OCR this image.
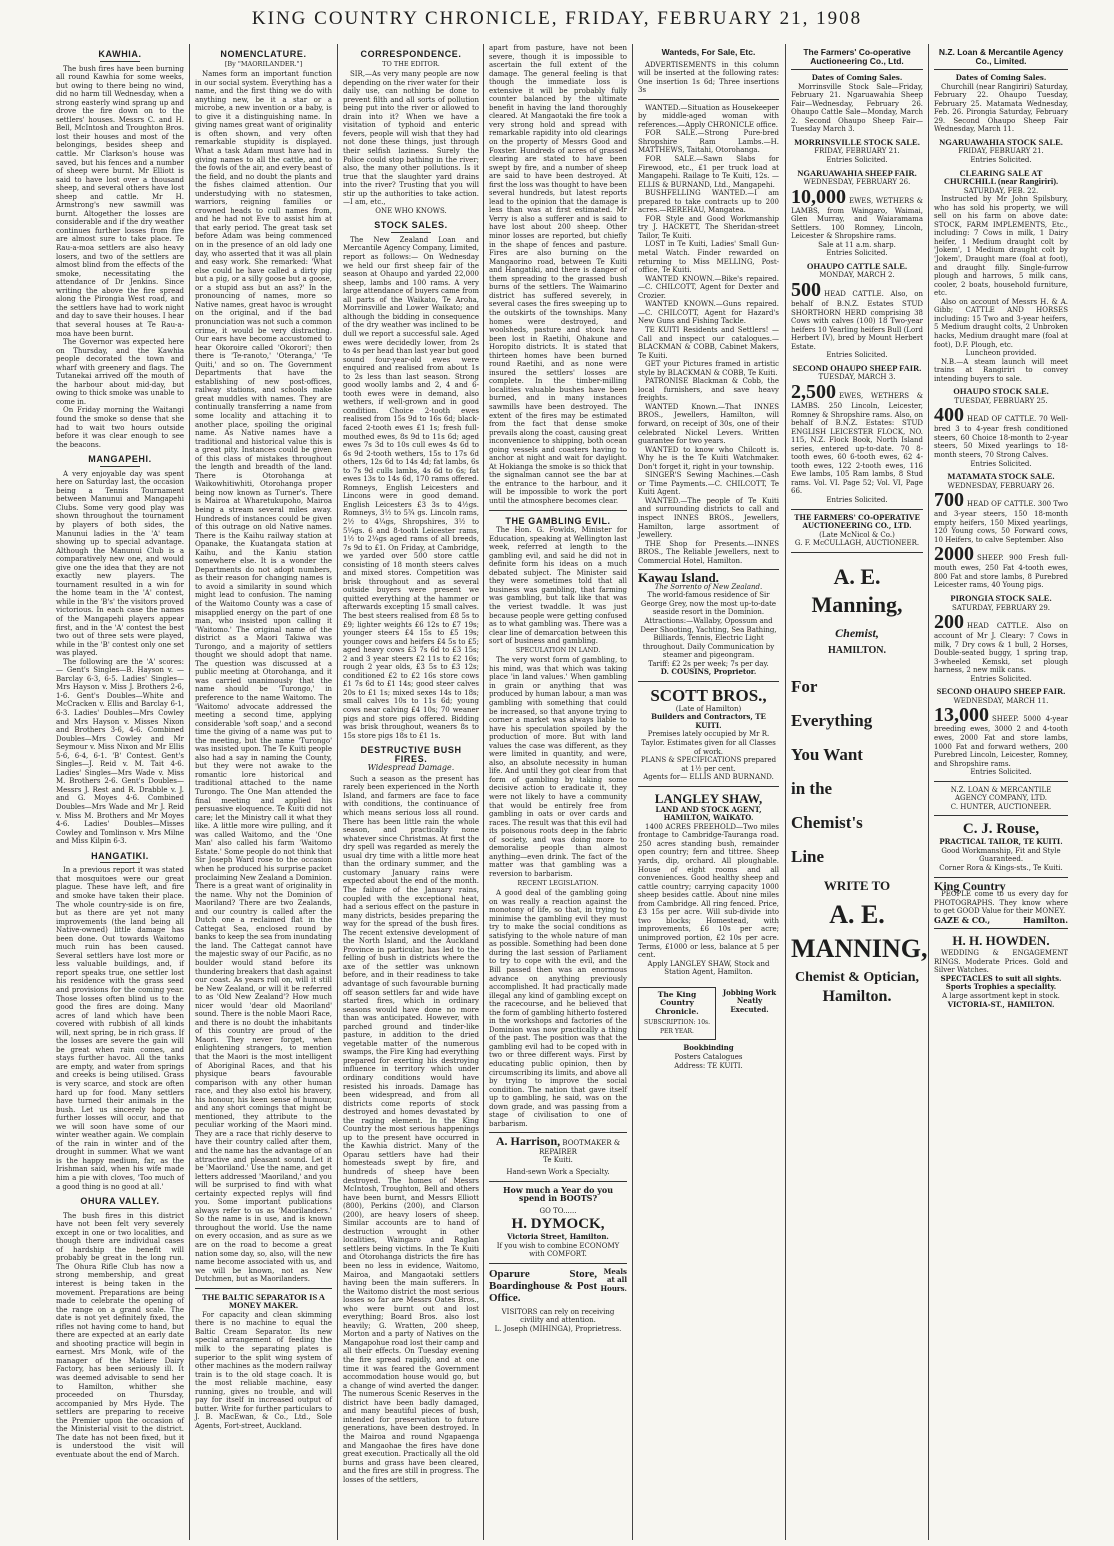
KING COUNTRY CHRONICLE, FRIDAY, FEBRUARY 21, 1908
KAWHIA.

The bush fires have been burning all round Kawhia for some weeks, but owing to there being no wind, did no harm till Wednesday, when a strong easterly wind sprang up and drove the fire down on to the settlers' houses. Messrs C. and H. Bell, McIntosh and Troughton Bros. lost their houses and most of the belongings, besides sheep and cattle. Mr Clarkson's house was saved, but his fences and a number of sheep were burnt. Mr Elliott is said to have lost over a thousand sheep, and several others have lost sheep and cattle. Mr H. Armstrong's new sawmill was burnt. Altogether the losses are considerable and if the dry weather continues further losses from fire are almost sure to take place. Te Rau-a-moa settlers are also heavy losers, and two of the settlers are almost blind from the effects of the smoke, necessitating the attendance of Dr Jenkins. Since writing the above the fire spread along the Pirongia West road, and the settlers have had to work night and day to save their houses. I hear that several houses at Te Rau-a-moa have been burnt.

The Governor was expected here on Thursday, and the Kawhia people decorated the town and wharf with greenery and flags. The Tutanekai arrived off the mouth of the harbour about mid-day, but owing to thick smoke was unable to come in.

On Friday morning the Waitangi found the smoke so dense that she had to wait two hours outside before it was clear enough to see the beacons.

MANGAPEHI.

A very enjoyable day was spent here on Saturday last, the occasion being a Tennis Tournament between Manunui and Mangapehi Clubs. Some very good play was shown throughout the tournament by players of both sides, the Manunui ladies in the 'A' team showing up to special advantage. Although the Manunui Club is a comparatively new one, and would give one the idea that they are not exactly new players. The tournament resulted in a win for the home team in the 'A' contest, while in the 'B's' the visitors proved victorious. In each case the names of the Mangapehi players appear first, and in the 'A' contest the best two out of three sets were played, while in the 'B' contest only one set was played.

The following are the 'A' scores:— Gent's Singles—B. Hayson v. — Barclay 6-3, 6-5. Ladies' Singles—Mrs Hayson v. Miss J. Brothers 2-6, 1-6. Gent's Doubles—White and McCracken v. Ellis and Barclay 6-1, 6-3. Ladies' Doubles—Mrs Cowley and Mrs Hayson v. Misses Nixon and Brothers 3-6, 4-6. Combined Doubles—Mrs Cowley and Mr Seymour v. Miss Nixon and Mr Ellis 5-6, 6-4, 6-1. 'B' Contest. Gent's Singles—J. Reid v. M. Tait 4-6. Ladies' Singles—Mrs Wade v. Miss M. Brothers 2-6. Gent's Doubles—Messrs J. Rest and R. Drabble v. J. and G. Moyes 4-6. Combined Doubles—Mrs Wade and Mr J. Reid v. Miss M. Brothers and Mr Moyes 4-6. Ladies' Doubles—Misses Cowley and Tomlinson v. Mrs Milne and Miss Kilpin 6-3.

HANGATIKI.

In a previous report it was stated that mosquitoes were our great plague. These have left, and fire and smoke have taken their place. The whole country-side is on fire, but as there are yet not many improvements (the land being all Native-owned) little damage has been done. Out towards Waitomo much ruin has been caused. Several settlers have lost more or less valuable buildings, and, if report speaks true, one settler lost his residence with the grass seed and provisions for the coming year. Those losses often blind us to the good the fires are doing. Many acres of land which have been covered with rubbish of all kinds will, next spring, be in rich grass. If the losses are severe the gain will be great when rain comes, and stays further havoc. All the tanks are empty, and water from springs and creeks is being utilised. Grass is very scarce, and stock are often hard up for food. Many settlers have turned their animals in the bush. Let us sincerely hope no further losses will occur, and that we will soon have some of our winter weather again. We complain of the rain in winter and of the drought in summer. What we want is the happy medium, far, as the Irishman said, when his wife made him a pie with cloves, 'Too much of a good thing is no good at all.'

OHURA VALLEY.

The bush fires in this district have not been felt very severely except in one or two localities, and though there are individual cases of hardship the benefit will probably be great in the long run. The Ohura Rifle Club has now a strong membership, and great interest is being taken in the movement. Preparations are being made to celebrate the opening of the range on a grand scale. The date is not yet definitely fixed, the rifles not having come to hand, but there are expected at an early date and shooting practice will begin in earnest. Mrs Monk, wife of the manager of the Matiere Dairy Factory, has been seriously ill. It was deemed advisable to send her to Hamilton, whither she proceeded on Thursday, accompanied by Mrs Hyde. The settlers are preparing to receive the Premier upon the occasion of the Ministerial visit to the district. The date has not been fixed, but it is understood the visit will eventuate about the end of March.

NOMENCLATURE.
[By "MAORILANDER."]

Names form an important function in our social system. Everything has a name, and the first thing we do with anything new, be it a star or a microbe, a new invention or a baby, is to give it a distinguishing name. In giving names great want of originality is often shown, and very often remarkable stupidity is displayed. What a task Adam must have had in giving names to all the cattle, and to the fowls of the air, and every beast of the field, and no doubt the plants and the fishes claimed attention. Our understudying with no statesmen, warriors, reigning families or crowned heads to cull names from, and he had not Eve to assist him at that early period. The great task set before Adam was being commenced on in the presence of an old lady one day, who asserted that it was all plain and easy work. She remarked: 'What else could he have called a dirty pig but a pig, or a silly goose but a goose, or a stupid ass but an ass?' In the pronouncing of names, more so Native names, great havoc is wrought on the original, and if the bad pronunciation was not such a common crime, it would be very distracting. Our ears have become accustomed to hear Okoroire called 'Okorori'; then there is 'Te-ranoto,' 'Oteranga,' 'Te Quiti,' and so on. The Government Departments that have the establishing of new post-offices, railway stations, and schools make great muddles with names. They are continually transferring a name from some locality and attaching it to another place, spoiling the original name. As Native names have a traditional and historical value this is a great pity. Instances could be given of this class of mistakes throughout the length and breadth of the land. There is Otorohanga at Waikowhitiwhiti, Otorohanga proper being now known as Turner's. There is Mairoa at Wharetukupoho, Mairoa being a stream several miles away. Hundreds of instances could be given of this outrage on old Native names. There is the Kaihu railway station at Opanake, the Kuatangata station at Kaihu, and the Kaniu station somewhere else. It is a wonder the Departments do not adopt numbers, as their reason for changing names is to avoid a similarity in sound which might lead to confusion. The naming of the Waitomo County was a case of misapplied energy on the part of one man, who insisted upon calling it 'Waitomo.' The original name of the district as a Maori Takiwa was Turongo, and a majority of settlers thought we should adopt that name. The question was discussed at a public meeting at Otorohanga, and it was carried unanimously that the name should be 'Turongo,' in preference to the name Waitomo. The 'Waitomo' advocate addressed the meeting a second time, applying considerable 'soft soap,' and a second time the giving of a name was put to the meeting, but the name 'Turongo' was insisted upon. The Te Kuiti people also had a say in naming the County, but they were not awake to the romantic lore historical and traditional attached to the name Turongo. The One Man attended the final meeting and applied his persuasive eloquence. Te Kuiti did not care; let the Ministry call it what they like. A little more wire pulling, and it was called Waitomo, and the 'One Man' also called his farm 'Waitomo Estate.' Some people do not think that Sir Joseph Ward rose to the occasion when he produced his surprise packet proclaiming New Zealand a Dominion. There is a great want of originality in the name. Why not the Dominion of Maoriland? There are two Zealands, and our country is called after the Dutch one a reclaimed flat in the Cattegat Sea, enclosed round by banks to keep the sea from inundating the land. The Cattegat cannot have the majestic sway of our Pacific, as no boulder would stand before its thundering breakers that dash against our coast. As years roll on, will it still be New Zealand, or will it be referred to as 'Old New Zealand'? How much nicer would 'dear old Maoriland' sound. There is the noble Maori Race, and there is no doubt the inhabitants of this country are proud of the Maori. They never forget, when enlightening strangers, to mention that the Maori is the most intelligent of Aboriginal Races, and that his physique bears favourable comparison with any other human race, and they also extol his bravery, his honour, his keen sense of humour, and any short comings that might be mentioned, they attribute to the peculiar working of the Maori mind. They are a race that richly deserve to have their country called after them, and the name has the advantage of an attractive and pleasant sound. Let it be 'Maoriland.' Use the name, and get letters addressed 'Maoriland,' and you will be surprised to find with what certainty expected replys will find you. Some important publications always refer to us as 'Maorilanders.' So the name is in use, and is known throughout the world. Use the name on every occasion, and as sure as we are on the road to become a great nation some day, so, also, will the new name become associated with us, and we will be known, not as New Dutchmen, but as Maorilanders.

THE BALTIC SEPARATOR IS A MONEY MAKER.

For capacity and clean skimming there is no machine to equal the Baltic Cream Separator. Its new special arrangement of feeding the milk to the separating plates is superior to the split wing system of other machines as the modern railway train is to the old stage coach. It is the most reliable machine, easy running, gives no trouble, and will pay for itself in increased output of butter. Write for further particulars to J. B. MacEwan, & Co., Ltd., Sole Agents, Fort-street, Auckland.

CORRESPONDENCE.
TO THE EDITOR.

SIR,—As very many people are now depending on the river water for their daily use, can nothing be done to prevent filth and all sorts of pollution being put into the river or allowed to drain into it? When we have a visitation of typhoid and enteric fevers, people will wish that they had not done these things, just through their selfish laziness. Surely the Police could stop bathing in the river; also, the many other pollutions. Is it true that the slaughter yard drains into the river? Trusting that you will stir up the authorities to take action.—I am, etc.,

ONE WHO KNOWS.
STOCK SALES.

The New Zealand Loan and Mercantile Agency Company, Limited, report as follows:— On Wednesday we held our first sheep fair of the season at Ohaupo and yarded 22,000 sheep, lambs and 100 rams. A very large attendance of buyers came from all parts of the Waikato, Te Aroha, Morrinsville and Lower Waikato; and although the bidding in consequence of the dry weather was inclined to be dull we report a successful sale. Aged ewes were decidedly lower, from 2s to 4s per head than last year but good sound four-year-old ewes were enquired and realised from about 1s to 2s less than last season. Strong good woolly lambs and 2, 4 and 6-tooth ewes were in demand, also wethers, if well-grown and in good condition. Choice 2-tooth ewes realised from 15s 9d to 16s 6d; black-faced 2-tooth ewes £1 1s; fresh full-mouthed ewes, 8s 9d to 11s 6d; aged ewes 7s 3d to 10s cull ewes 4s 6d to 6s 9d 2-tooth wethers, 15s to 17s 6d others, 12s 6d to 14s 4d; fat lambs, 6s to 7s 9d culls lambs, 4s 6d to 6s; fat ewes 13s to 14s 6d, 170 rams offered. Romneys, English Leicesters and Lincons were in good demand. English Leicesters £3 3s to 4½gs. Romneys, 3½ to 5¾ gs. Lincoln rams, 2½ to 4¼gs, Shropshires, 3½ to 5¼gs. 6 and 8-tooth Leicester rams, 1½ to 2¼gs aged rams of all breeds, 7s 9d to £1. On Friday, at Cambridge, we yarded over 500 store cattle consisting of 18 month steers calves and mixed stores. Competition was brisk throughout and as several outside buyers were present we quitted everything at the hammer or afterwards excepting 15 small calves. The best steers realised from £8 5s to £9; lighter weights £6 12s to £7 19s; younger steers £4 15s to £5 19s; younger cows and heifers £4 5s to £5; aged heavy cows £3 7s 6d to £3 15s; 2 and 3 year steers £2 11s to £2 16s; rough 2 year olds, £3 5s to £3 12s; conditioned £2 to £2 16s store cows £1 7s 6d to £1 14s; good steer calves 20s to £1 1s; mixed sexes 14s to 18s; small calves 10s to 11s 6d; young cows near calving £4 10s; 70 weaner pigs and store pigs offered. Bidding was brisk throughout, weaners 8s to 15s store pigs 18s to £1 1s.

DESTRUCTIVE BUSH FIRES.
Widespread Damage.

Such a season as the present has rarely been experienced in the North Island, and farmers are face to face with conditions, the continuance of which means serious loss all round. There has been little rain the whole season, and practically none whatever since Christmas. At first the dry spell was regarded as merely the usual dry time with a little more heat than the ordinary summer, and the customary January rains were expected about the end of the month. The failure of the January rains, coupled with the exceptional heat, had a serious effect on the pasture in many districts, besides preparing the way for the spread of the bush fires. The recent extensive development of the North Island, and the Auckland Province in particular, has led to the felling of bush in districts where the axe of the settler was unknown before, and in their readiness to take advantage of such favourable burning off season settlers far and wide have started fires, which in ordinary seasons would have done no more than was anticipated. However, with parched ground and tinder-like pasture, in addition to the dried vegetable matter of the numerous swamps, the Fire King had everything prepared for exerting his destroying influence in territory which under ordinary conditions would have resisted his inroads. Damage has been widespread, and from all districts come reports of stock destroyed and homes devastated by the raging element. In the King Country the most serious happenings up to the present have occurred in the Kawhia district. Many of the Oparau settlers have had their homesteads swept by fire, and hundreds of sheep have been destroyed. The homes of Messrs McIntosh, Troughton, Bell and others have been burnt, and Messrs Elliott (800), Perkins (200), and Clarson (200), are heavy losers of sheep. Similar accounts are to hand of destruction wrought in other localities, Waingaro and Raglan settlers being victims. In the Te Kuiti and Otorohanga districts the fire has been no less in evidence, Waitomo, Mairoa, and Mangaotaki settlers having been the main sufferers. In the Waitomo district the most serious losses so far are Messrs Oates Bros., who were burnt out and lost everything; Board Bros. also lost heavily; G. Wratten, 200 sheep, Morton and a party of Natives on the Mangapohue road lost their camp and all their effects. On Tuesday evening the fire spread rapidly, and at one time it was feared the Government accommodation house would go, but a change of wind averted the danger. The numerous Scenic Reserves in the district have been badly damaged, and many beautiful pieces of bush, intended for preservation to future generations, have been destroyed. In the Mairoa and round Ngapaenga and Mangaohae the fires have done great execution. Practically all the old burns and grass have been cleared, and the fires are still in progress. The losses of the settlers,

apart from pasture, have not been severe, though it is impossible to ascertain the full extent of the damage. The general feeling is that though the immediate loss is extensive it will be probably fully counter balanced by the ultimate benefit in having the land thoroughly cleared. At Mangaotaki the fire took a very strong hold and spread with remarkable rapidity into old clearings on the property of Messrs Good and Foxster. Hundreds of acres of grassed clearing are stated to have been swept by fire, and a number of sheep are said to have been destroyed. At first the loss was thought to have been several hundreds, but latest reports lead to the opinion that the damage is less than was at first estimated. Mr Verry is also a sufferer and is said to have lost about 200 sheep. Other minor losses are reported, but chiefly in the shape of fences and pasture. Fires are also burning on the Mangaorino road, between Te Kuiti and Hangatiki, and there is danger of them spreading to the grassed bush burns of the settlers. The Waimarino district has suffered severely, in several cases the fires sweeping up to the outskirts of the townships. Many homes were destroyed, and woolsheds, pasture and stock have been lost in Raetihi, Ohakune and Horopito districts. It is stated that thirteen homes have been burned round Raetihi, and as none were insured the settlers' losses are complete. In the timber-milling localities valuable bushes have been burned, and in many instances sawmills have been destroyed. The extent of the fires may be estimated from the fact that dense smoke prevails along the coast, causing great inconvenience to shipping, both ocean going vessels and coasters having to anchor at night and wait for daylight. At Hokianga the smoke is so thick that the signalman cannot see the bar at the entrance to the harbour, and it will be impossible to work the port until the atmosphere becomes clear.

THE GAMBLING EVIL.

The Hon. G. Fowlds, Minister for Education, speaking at Wellington last week, referred at length to the gambling evil, and said he did not in definite form his ideas on a much debated subject. The Minister said they were sometimes told that all business was gambling, that farming was gambling, but talk like that was the veriest twaddle. It was just because people were getting confused as to what gambling was. There was a clear line of demarcation between this sort of business and gambling.

SPECULATION IN LAND.

The very worst form of gambling, to his mind, was that which was taking place 'in land values.' When gambling in grain or anything that was produced by human labour, a man was gambling with something that could be increased, so that anyone trying to corner a market was always liable to have his speculation spoiled by the production of more. But with land values the case was different, as they were limited in quantity, and were, also, an absolute necessity in human life. And until they got clear from that form of gambling by taking some decisive action to eradicate it, they were not likely to have a community that would be entirely free from gambling in oats or over cards and races. The result was that this evil had its poisonous roots deep in the fabric of society, and was doing more to demoralise people than almost anything—even drink. The fact of the matter was that gambling was a reversion to barbarism.

RECENT LEGISLATION.

A good deal of the gambling going on was really a reaction against the monotony of life, so that, in trying to minimise the gambling evil they must try to make the social conditions as satisfying to the whole nature of man as possible. Something had been done during the last session of Parliament to try to cope with the evil, and the Bill passed then was an enormous advance on anything previously accomplished. It had practically made illegal any kind of gambling except on the racecourse, and he believed that the form of gambling hitherto fostered in the workshops and factories of the Dominion was now practically a thing of the past. The position was that the gambling evil had to be coped with in two or three different ways. First by educating public opinion, then by circumscribing its limits, and above all by trying to improve the social condition. The nation that gave itself up to gambling, he said, was on the down grade, and was passing from a stage of civilisation to one of barbarism.

A. Harrison, BOOTMAKER & REPAIRER
Te Kuiti.
Hand-sewn Work a Specialty.
How much a Year do you spend in BOOTS?
GO TO......
H. DYMOCK,
Victoria Street, Hamilton.
If you wish to combine ECONOMY with COMFORT.
Oparure Store, Boardinghouse & Post Office.
Meals at all Hours.
VISITORS can rely on receiving civility and attention.
L. Joseph (MIHINGA), Proprietress.
Wanteds, For Sale, Etc.

ADVERTISEMENTS in this column will be inserted at the following rates: One insertion 1s 6d; Three insertions 3s

WANTED.—Situation as Housekeeper by middle-aged woman with references.—Apply CHRONICLE office.

FOR SALE.—Strong Pure-bred Shropshire Ram Lambs.—H. MATTHEWS, Taitahi, Otorohanga.

FOR SALE.—Sawn Slabs for Firewood, etc., £1 per truck load at Mangapehi. Railage to Te Kuiti, 12s. —ELLIS & BURNAND, Ltd., Mangapehi.

BUSHFELLING WANTED.—I am prepared to take contracts up to 200 acres.—REREHAU, Mangatea.

FOR Style and Good Workmanship try J. HACKETT, The Sheridan-street Tailor, Te Kuiti.

LOST in Te Kuiti, Ladies' Small Gun-metal Watch. Finder rewarded on returning to Miss MELLING, Post-office, Te Kuiti.

WANTED KNOWN.—Bike's repaired.—C. CHILCOTT, Agent for Dexter and Crozier.

WANTED KNOWN.—Guns repaired.—C. CHILCOTT, Agent for Hazard's New Guns and Fishing Tackle.

TE KUITI Residents and Settlers! —Call and inspect our catalogues.—BLACKMAN & COBB, Cabinet Makers, Te Kuiti.

GET your Pictures framed in artistic style by BLACKMAN & COBB, Te Kuiti.

PATRONISE Blackman & Cobb, the local furnishers, and save heavy freights.

WANTED Known.—That INNES BROS., Jewellers, Hamilton, will forward, on receipt of 30s, one of their celebrated Nickel Levers. Written guarantee for two years.

WANTED to know who Chilcott is. Why he is the Te Kuiti Watchmaker. Don't forget it, right in your township.

SINGER'S Sewing Machines.—Cash or Time Payments.—C. CHILCOTT, Te Kuiti Agent.

WANTED.—The people of Te Kuiti and surrounding districts to call and inspect INNES BROS., Jewellers, Hamilton, large assortment of Jewellery.

THE Shop for Presents.—INNES BROS., The Reliable Jewellers, next to Commercial Hotel, Hamilton.

Kawau Island.
The Sorrento of New Zealand.

The world-famous residence of Sir George Grey, now the most up-to-date seaside resort in the Dominion. Attractions:—Wallaby, Opossum and Deer Shooting, Yachting, Sea Bathing, Billiards, Tennis, Electric Light throughout. Daily Communication by steamer and pigeongram.

Tariff: £2 2s per week; 7s per day.
D. COUSINS, Proprietor.
SCOTT BROS.,
(Late of Hamilton)
Builders and Contractors, TE KUITI.

Premises lately occupied by Mr R. Taylor. Estimates given for all Classes of work.

PLANS & SPECIFICATIONS prepared at 1½ per cent.
Agents for— ELLIS AND BURNAND.
LANGLEY SHAW,
LAND AND STOCK AGENT, HAMILTON, WAIKATO.

1400 ACRES FREEHOLD—Two miles frontage to Cambridge-Tauranga road. 250 acres standing bush, remainder open country; fern and tittree. Sheep yards, dip, orchard. All ploughable. House of eight rooms and all conveniences. Good healthy sheep and cattle country; carrying capacity 1000 sheep besides cattle. About nine miles from Cambridge. All ring fenced. Price, £3 15s per acre. Will sub-divide into two blocks; Homestead, with improvements, £6 10s per acre; unimproved portion, £2 10s per acre. Terms, £1000 or less, balance at 5 per cent.

Apply LANGLEY SHAW, Stock and Station Agent, Hamilton.
The King Country Chronicle.
SUBSCRIPTION: 10s. PER YEAR.
Jobbing Work Neatly Executed.
Bookbinding
Posters Catalogues
Address: TE KUITI.
The Farmers' Co-operative Auctioneering Co., Ltd.
Dates of Coming Sales.

Morrinsville Stock Sale—Friday, February 21. Ngaruawahia Sheep Fair—Wednesday, February 26. Ohaupo Cattle Sale—Monday, March 2. Second Ohaupo Sheep Fair—Tuesday March 3.

MORRINSVILLE STOCK SALE.
FRIDAY, FEBRUARY 21.
Entries Solicited.
NGARUAWAHIA SHEEP FAIR.
WEDNESDAY, FEBRUARY 26.
10,000 EWES, WETHERS & LAMBS, from Waingaro, Waimai, Glen Murray, and Waiaramama Settlers. 100 Romney, Lincoln, Leicester & Shropshire rams.
Sale at 11 a.m. sharp.
Entries Solicited.
OHAUPO CATTLE SALE.
MONDAY, MARCH 2.
500 HEAD CATTLE. Also, on behalf of B.N.Z. Estates STUD SHORTHORN HERD comprising 38 Cows with calves (100) 18 Two-year heifers 10 Yearling heifers Bull (Lord Herbert IV), bred by Mount Herbert Estate.
Entries Solicited.
SECOND OHAUPO SHEEP FAIR.
TUESDAY, MARCH 3.
2,500 EWES, WETHERS & LAMBS. 250 Lincoln, Leicester, Romney & Shropshire rams. Also, on behalf of B.N.Z. Estates: STUD ENGLISH LEICESTER FLOCK, NO. 115, N.Z. Flock Book, North Island series, entered up-to-date. 70 8-tooth ewes, 60 6-tooth ewes, 62 4-tooth ewes, 122 2-tooth ewes, 116 Ewe lambs, 105 Ram lambs, 8 Stud rams. Vol. VI. Page 52; Vol. VI, Page 66.
Entries Solicited.
THE FARMERS' CO-OPERATIVE AUCTIONEERING CO., LTD.
(Late McNicol & Co.)
G. F. McCULLAGH, AUCTIONEER.
A. E. Manning,
Chemist,
HAMILTON.
For Everything You Want in the Chemist's Line
WRITE TO
A. E.
MANNING,
Chemist & Optician,
Hamilton.
N.Z. Loan & Mercantile Agency Co., Limited.
Dates of Coming Sales.

Churchill (near Rangiriri) Saturday, February 22. Ohaupo Tuesday, February 25. Matamata Wednesday, Feb. 26. Pirongia Saturday, February 29. Second Ohaupo Sheep Fair Wednesday, March 11.

NGARUAWAHIA STOCK SALE.
FRIDAY, FEBRUARY 21.
Entries Solicited.
CLEARING SALE AT CHURCHILL (near Rangiriri).
SATURDAY, FEB. 22.

Instructed by Mr John Spilsbury, who has sold his property, we will sell on his farm on above date: STOCK, FARM IMPLEMENTS, Etc., including: 7 Cows in milk, 1 Dairy heifer, 1 Medium draught colt by 'Jokem', 1 Medium draught colt by 'Jokem', Draught mare (foal at foot), and draught filly. Single-furrow plough and harrows, 5 milk cans, cooler, 2 boats, household furniture, etc.

Also on account of Messrs H. & A. Gibb; CATTLE AND HORSES including: 15 Two and 3-year heifers, 5 Medium draught colts, 2 Unbroken hacks, Medium draught mare (foal at foot), D.F. Plough, etc.

Luncheon provided.

N.B.—A steam launch will meet trains at Rangiriri to convey intending buyers to sale.

OHAUPO STOCK SALE.
TUESDAY, FEBRUARY 25.
400 HEAD OF CATTLE. 70 Well-bred 3 to 4-year fresh conditioned steers, 60 Choice 18-month to 2-year steers, 50 Mixed yearlings to 18-month steers, 70 Strong Calves.
Entries Solicited.
MATAMATA STOCK SALE.
WEDNESDAY, FEBRUARY 26.
700 HEAD OF CATTLE. 300 Two and 3-year steers, 150 18-month empty heifers, 150 Mixed yearlings, 120 Young cows, 50 Forward cows, 10 Heifers, to calve September. Also
2000 SHEEP. 900 Fresh full-mouth ewes, 250 Fat 4-tooth ewes, 800 Fat and store lambs, 8 Purebred Leicester rams, 40 Young pigs.
PIRONGIA STOCK SALE.
SATURDAY, FEBRUARY 29.
200 HEAD CATTLE. Also on account of Mr J. Cleary: 7 Cows in milk, 7 Dry cows & 1 bull, 2 Horses, Double-seated buggy, 1 spring trap, 3-wheeled Kemski, set plough harness, 2 new milk cans.
Entries Solicited.
SECOND OHAUPO SHEEP FAIR.
WEDNESDAY, MARCH 11.
13,000 SHEEP. 5000 4-year breeding ewes, 3000 2 and 4-tooth ewes, 2000 Fat and store lambs, 1000 Fat and forward wethers, 200 Purebred Lincoln, Leicester, Romney, and Shropshire rams.
Entries Solicited.
N.Z. LOAN & MERCANTILE AGENCY COMPANY, LTD.
C. HUNTER, AUCTIONEER.
C. J. Rouse,
PRACTICAL TAILOR, TE KUITI.
Good Workmanship, Fit and Style Guaranteed.
Corner Rora & Kings-sts., Te Kuiti.
King Country

PEOPLE come to us every day for PHOTOGRAPHS. They know where to get GOOD Value for their MONEY.

GAZE & CO.,	Hamilton.
H. H. HOWDEN.

WEDDING & ENGAGEMENT RINGS. Moderate Prices. Gold and Silver Watches.

SPECTACLES to suit all sights.
Sports Trophies a speciality.
A large assortment kept in stock.
VICTORIA-ST., HAMILTON.
